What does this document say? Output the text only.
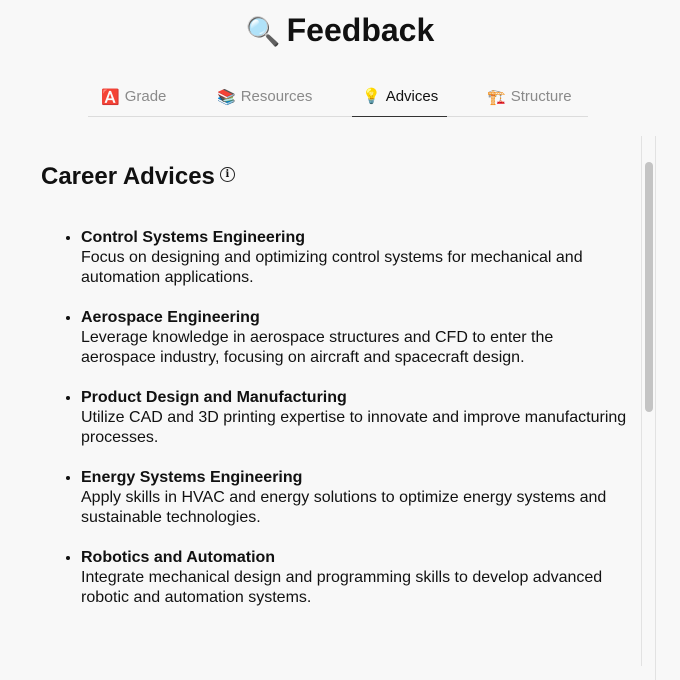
🔍 Feedback
🅰️ Grade	📚 Resources	💡 Advices	🏗️ Structure
Career Advices	i
• Control Systems Engineering
Focus on designing and optimizing control systems for mechanical and automation applications.
• Aerospace Engineering
Leverage knowledge in aerospace structures and CFD to enter the aerospace industry, focusing on aircraft and spacecraft design.
• Product Design and Manufacturing
Utilize CAD and 3D printing expertise to innovate and improve manufacturing processes.
• Energy Systems Engineering
Apply skills in HVAC and energy solutions to optimize energy systems and sustainable technologies.
• Robotics and Automation
Integrate mechanical design and programming skills to develop advanced robotic and automation systems.
